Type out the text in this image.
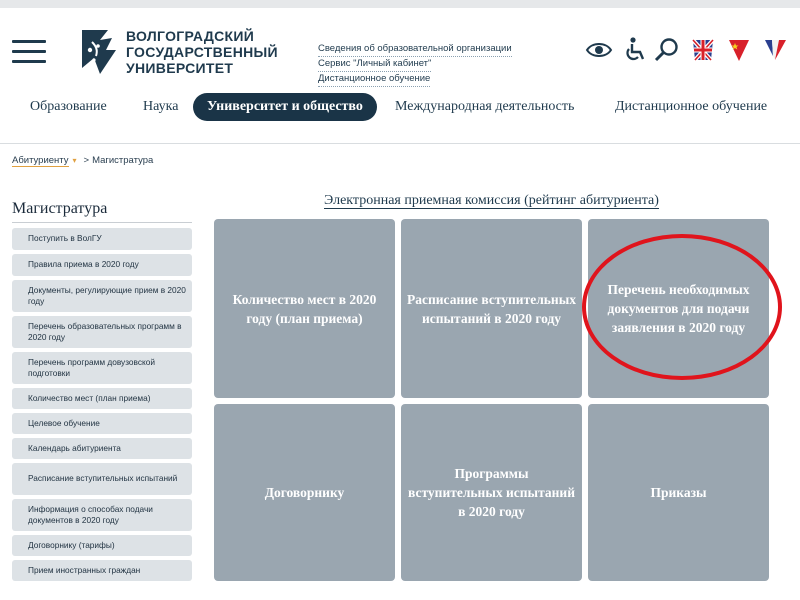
ВОЛГОГРАДСКИЙ
ГОСУДАРСТВЕННЫЙ
УНИВЕРСИТЕТ
Сведения об образовательной организации
Сервис "Личный кабинет"
Дистанционное обучение
Образование	Наука	Университет и общество	Международная деятельность	Дистанционное обучение
Абитуриенту ▾ > Магистратура
Магистратура
Поступить в ВолГУ
Правила приема в 2020 году
Документы, регулирующие прием в 2020 году
Перечень образовательных программ в 2020 году
Перечень программ довузовской подготовки
Количество мест (план приема)
Целевое обучение
Календарь абитуриента
Расписание вступительных испытаний
Информация о способах подачи документов в 2020 году
Договорнику (тарифы)
Прием иностранных граждан
Электронная приемная комиссия (рейтинг абитуриента)
Количество мест в 2020 году (план приема)
Расписание вступительных испытаний в 2020 году
Перечень необходимых документов для подачи заявления в 2020 году
Договорнику
Программы вступительных испытаний в 2020 году
Приказы
